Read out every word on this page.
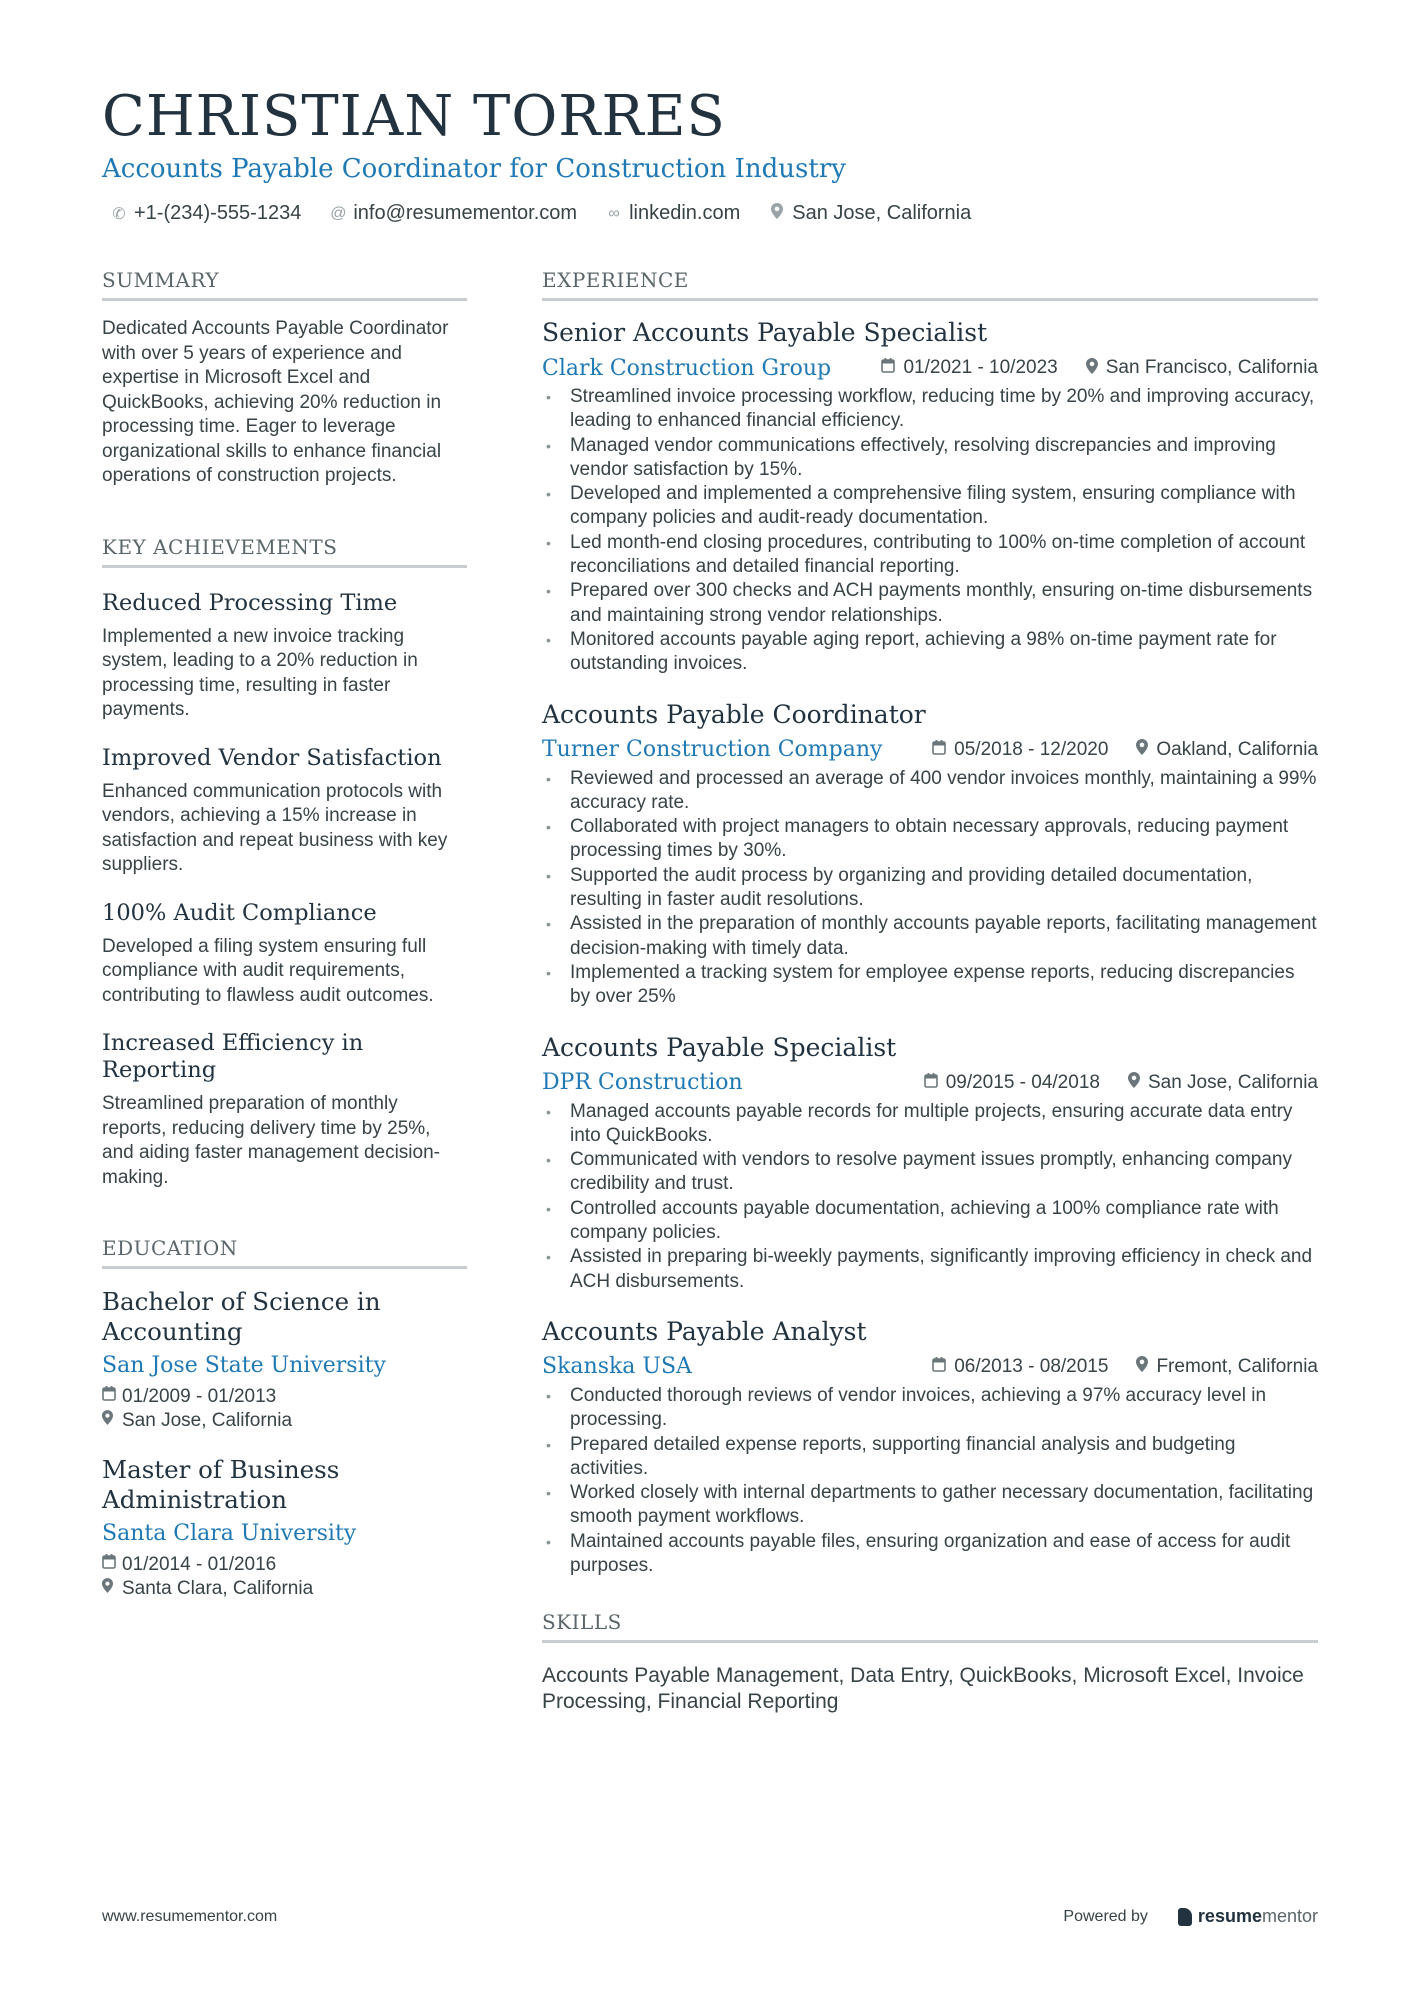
CHRISTIAN TORRES
Accounts Payable Coordinator for Construction Industry
✆ +1-(234)-555-1234 @ info@resumementor.com ∞ linkedin.com	San Jose, California
SUMMARY
Dedicated Accounts Payable Coordinator with over 5 years of experience and expertise in Microsoft Excel and QuickBooks, achieving 20% reduction in processing time. Eager to leverage organizational skills to enhance financial operations of construction projects.
KEY ACHIEVEMENTS
Reduced Processing Time
Implemented a new invoice tracking system, leading to a 20% reduction in processing time, resulting in faster payments.
Improved Vendor Satisfaction
Enhanced communication protocols with vendors, achieving a 15% increase in satisfaction and repeat business with key suppliers.
100% Audit Compliance
Developed a filing system ensuring full compliance with audit requirements, contributing to flawless audit outcomes.
Increased Efficiency in Reporting
Streamlined preparation of monthly reports, reducing delivery time by 25%, and aiding faster management decision-making.
EDUCATION
Bachelor of Science in Accounting
San Jose State University
01/2009 - 01/2013
San Jose, California
Master of Business Administration
Santa Clara University
01/2014 - 01/2016
Santa Clara, California
EXPERIENCE
Senior Accounts Payable Specialist
Clark Construction Group	01/2021 - 10/2023	San Francisco, California
• Streamlined invoice processing workflow, reducing time by 20% and improving accuracy, leading to enhanced financial efficiency.
• Managed vendor communications effectively, resolving discrepancies and improving vendor satisfaction by 15%.
• Developed and implemented a comprehensive filing system, ensuring compliance with company policies and audit-ready documentation.
• Led month-end closing procedures, contributing to 100% on-time completion of account reconciliations and detailed financial reporting.
• Prepared over 300 checks and ACH payments monthly, ensuring on-time disbursements and maintaining strong vendor relationships.
• Monitored accounts payable aging report, achieving a 98% on-time payment rate for outstanding invoices.
Accounts Payable Coordinator
Turner Construction Company	05/2018 - 12/2020	Oakland, California
• Reviewed and processed an average of 400 vendor invoices monthly, maintaining a 99% accuracy rate.
• Collaborated with project managers to obtain necessary approvals, reducing payment processing times by 30%.
• Supported the audit process by organizing and providing detailed documentation, resulting in faster audit resolutions.
• Assisted in the preparation of monthly accounts payable reports, facilitating management decision-making with timely data.
• Implemented a tracking system for employee expense reports, reducing discrepancies by over 25%
Accounts Payable Specialist
DPR Construction	09/2015 - 04/2018	San Jose, California
• Managed accounts payable records for multiple projects, ensuring accurate data entry into QuickBooks.
• Communicated with vendors to resolve payment issues promptly, enhancing company credibility and trust.
• Controlled accounts payable documentation, achieving a 100% compliance rate with company policies.
• Assisted in preparing bi-weekly payments, significantly improving efficiency in check and ACH disbursements.
Accounts Payable Analyst
Skanska USA	06/2013 - 08/2015	Fremont, California
• Conducted thorough reviews of vendor invoices, achieving a 97% accuracy level in processing.
• Prepared detailed expense reports, supporting financial analysis and budgeting activities.
• Worked closely with internal departments to gather necessary documentation, facilitating smooth payment workflows.
• Maintained accounts payable files, ensuring organization and ease of access for audit purposes.
SKILLS
Accounts Payable Management, Data Entry, QuickBooks, Microsoft Excel, Invoice Processing, Financial Reporting
www.resumementor.com	Powered by	resume mentor
